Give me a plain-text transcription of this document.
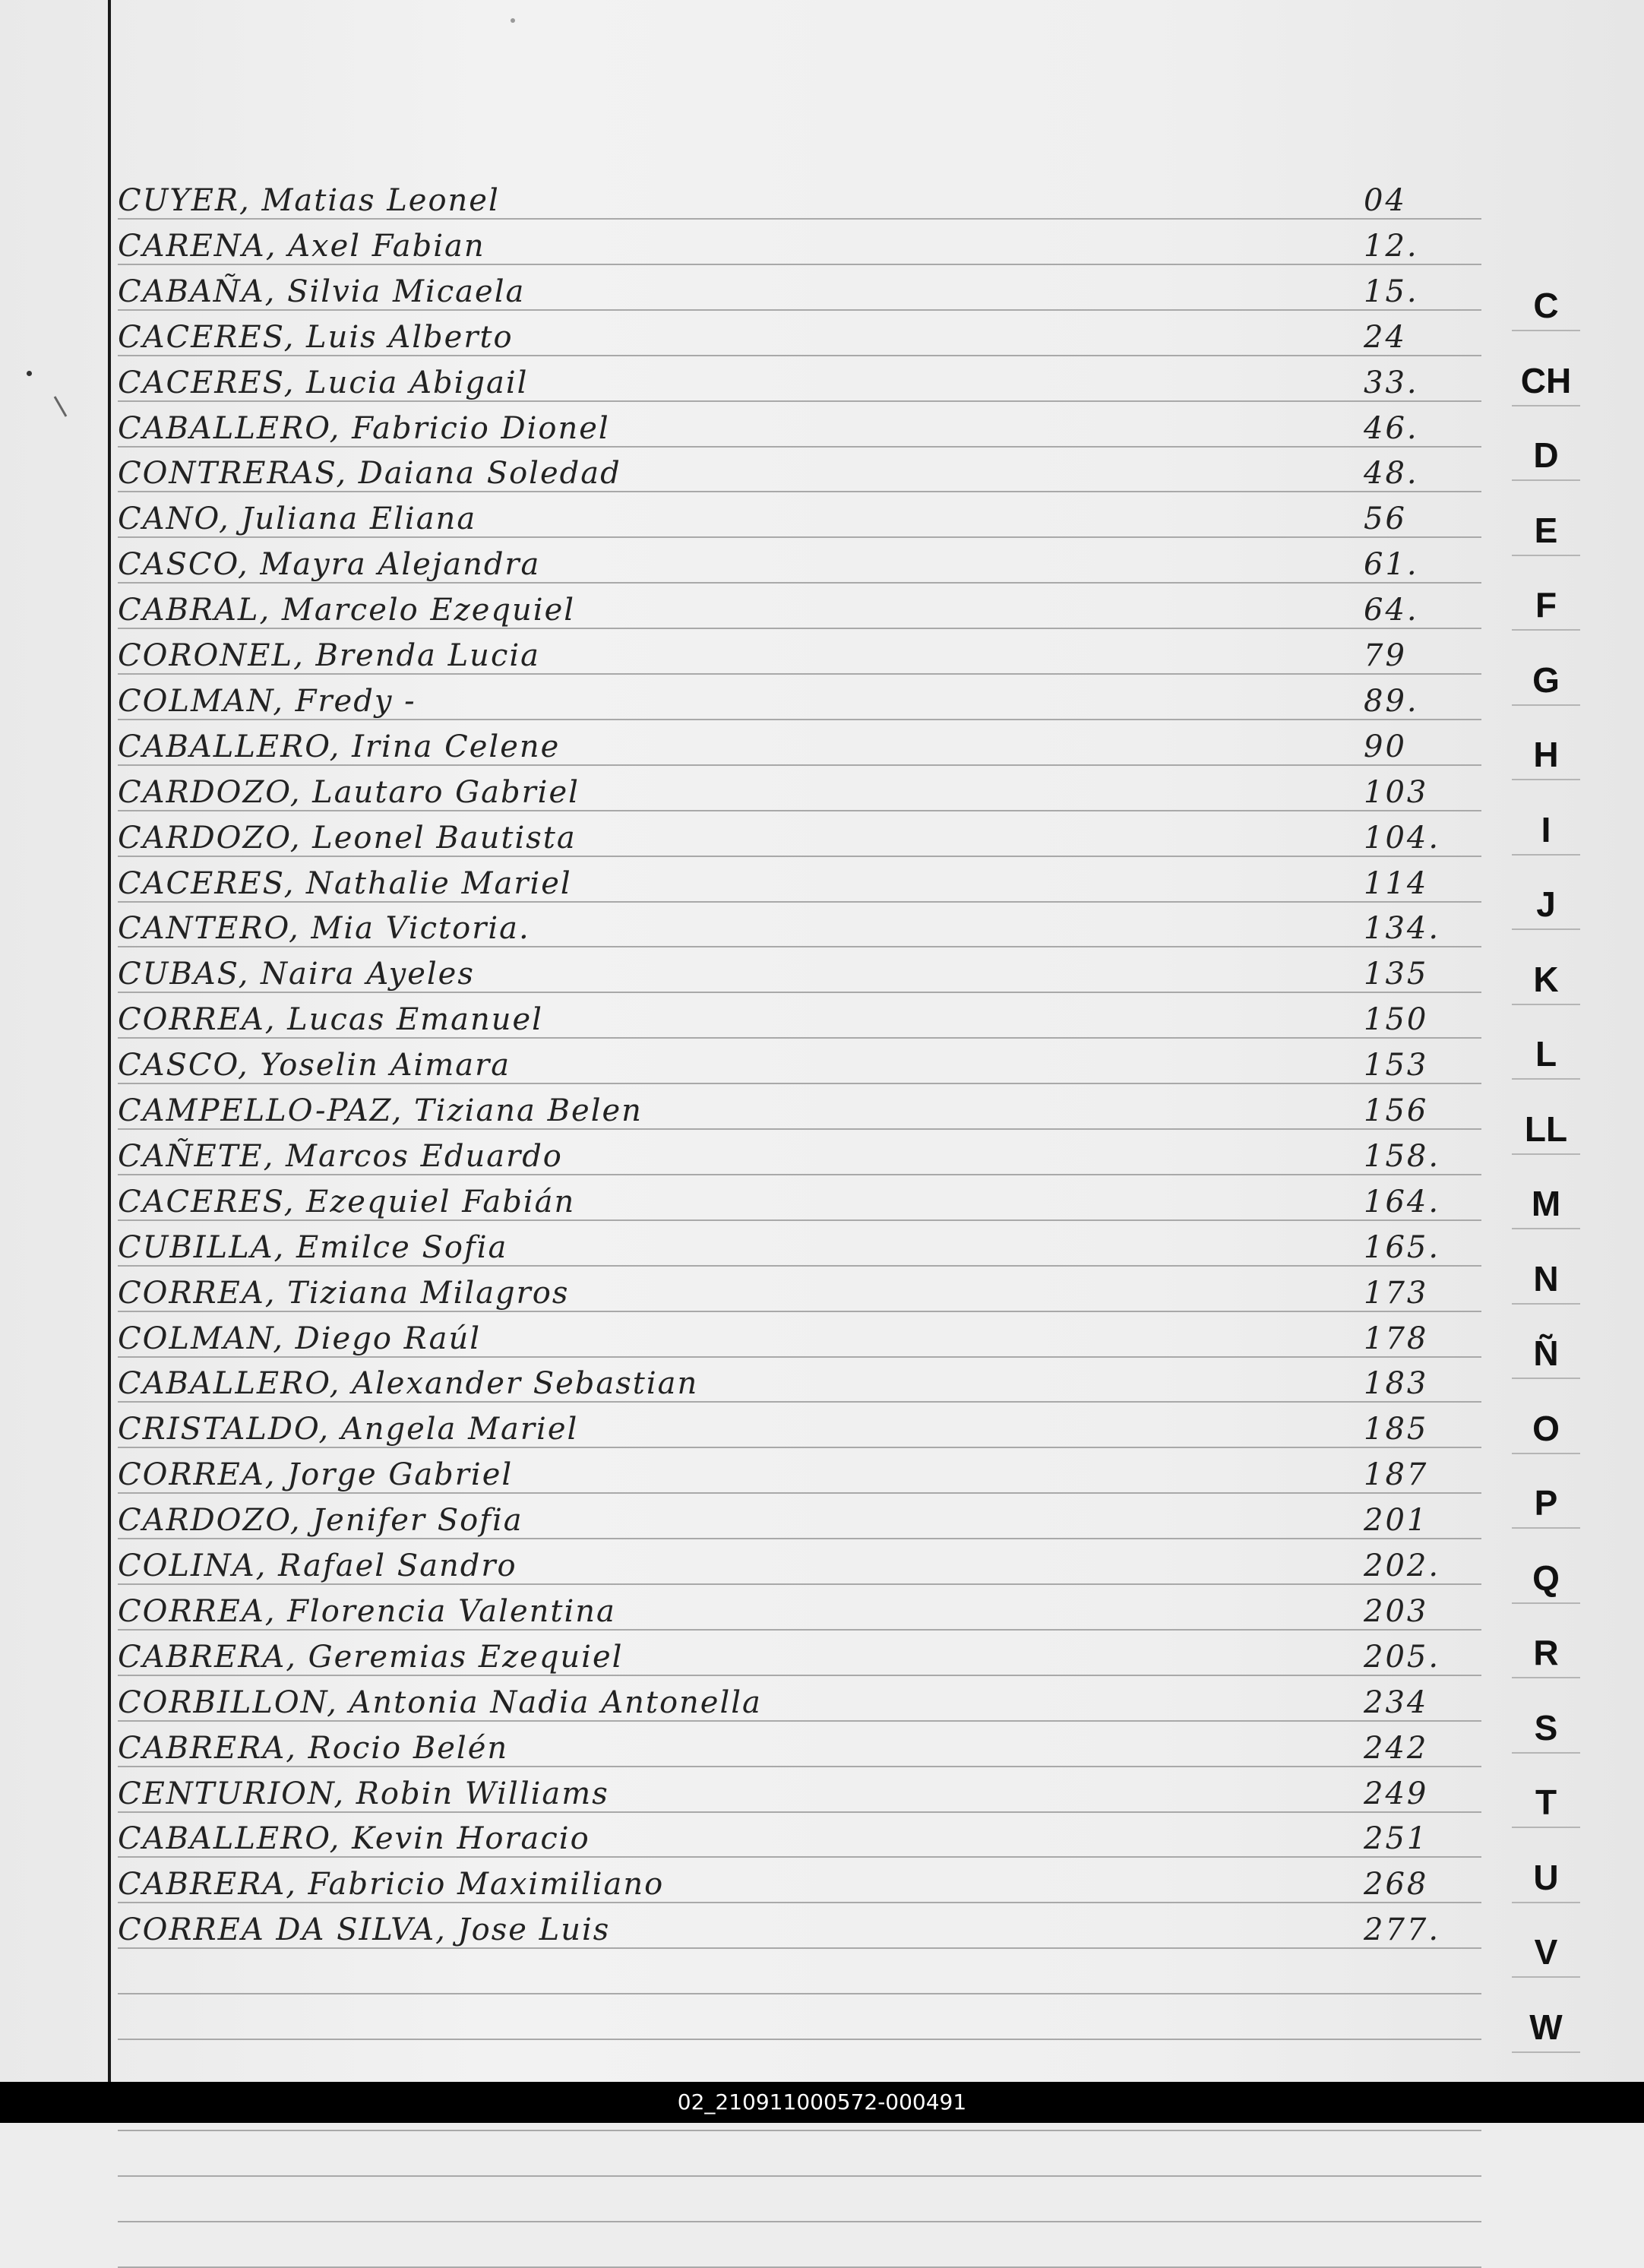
CUYER, Matias Leonel	04
CARENA, Axel Fabian	12.
CABAÑA, Silvia Micaela	15.
CACERES, Luis Alberto	24
CACERES, Lucia Abigail	33.
CABALLERO, Fabricio Dionel	46.
CONTRERAS, Daiana Soledad	48.
CANO, Juliana Eliana	56
CASCO, Mayra Alejandra	61.
CABRAL, Marcelo Ezequiel	64.
CORONEL, Brenda Lucia	79
COLMAN, Fredy -	89.
CABALLERO, Irina Celene	90
CARDOZO, Lautaro Gabriel	103
CARDOZO, Leonel Bautista	104.
CACERES, Nathalie Mariel	114
CANTERO, Mia Victoria.	134.
CUBAS, Naira Ayeles	135
CORREA, Lucas Emanuel	150
CASCO, Yoselin Aimara	153
CAMPELLO-PAZ, Tiziana Belen	156
CAÑETE, Marcos Eduardo	158.
CACERES, Ezequiel Fabián	164.
CUBILLA, Emilce Sofia	165.
CORREA, Tiziana Milagros	173
COLMAN, Diego Raúl	178
CABALLERO, Alexander Sebastian	183
CRISTALDO, Angela Mariel	185
CORREA, Jorge Gabriel	187
CARDOZO, Jenifer Sofia	201
COLINA, Rafael Sandro	202.
CORREA, Florencia Valentina	203
CABRERA, Geremias Ezequiel	205.
CORBILLON, Antonia Nadia Antonella	234
CABRERA, Rocio Belén	242
CENTURION, Robin Williams	249
CABALLERO, Kevin Horacio	251
CABRERA, Fabricio Maximiliano	268
CORREA DA SILVA, Jose Luis	277.
C
CH
D
E
F
G
H
I
J
K
L
LL
M
N
Ñ
O
P
Q
R
S
T
U
V
W
02_210911000572-000491
